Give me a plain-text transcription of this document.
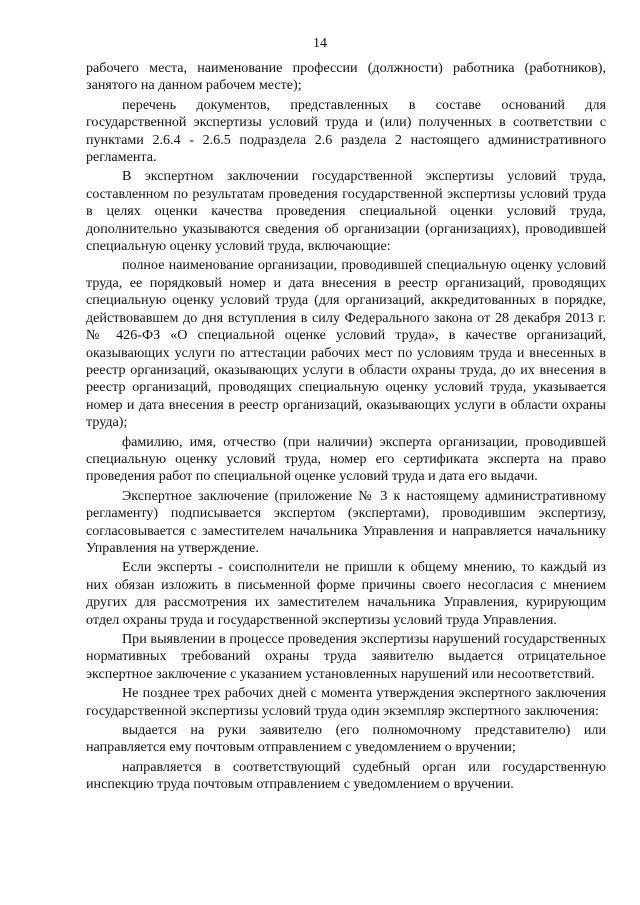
14

рабочего места, наименование профессии (должности) работника (работников), занятого на данном рабочем месте);

перечень документов, представленных в составе оснований для государственной экспертизы условий труда и (или) полученных в соответствии с пунктами 2.6.4 - 2.6.5 подраздела 2.6 раздела 2 настоящего административного регламента.

В экспертном заключении государственной экспертизы условий труда, составленном по результатам проведения государственной экспертизы условий труда в целях оценки качества проведения специальной оценки условий труда, дополнительно указываются сведения об организации (организациях), проводившей специальную оценку условий труда, включающие:

полное наименование организации, проводившей специальную оценку условий труда, ее порядковый номер и дата внесения в реестр организаций, проводящих специальную оценку условий труда (для организаций, аккредитованных в порядке, действовавшем до дня вступления в силу Федерального закона от 28 декабря 2013 г. № 426-ФЗ «О специальной оценке условий труда», в качестве организаций, оказывающих услуги по аттестации рабочих мест по условиям труда и внесенных в реестр организаций, оказывающих услуги в области охраны труда, до их внесения в реестр организаций, проводящих специальную оценку условий труда, указывается номер и дата внесения в реестр организаций, оказывающих услуги в области охраны труда);

фамилию, имя, отчество (при наличии) эксперта организации, проводившей специальную оценку условий труда, номер его сертификата эксперта на право проведения работ по специальной оценке условий труда и дата его выдачи.

Экспертное заключение (приложение № 3 к настоящему административному регламенту) подписывается экспертом (экспертами), проводившим экспертизу, согласовывается с заместителем начальника Управления и направляется начальнику Управления на утверждение.

Если эксперты - соисполнители не пришли к общему мнению, то каждый из них обязан изложить в письменной форме причины своего несогласия с мнением других для рассмотрения их заместителем начальника Управления, курирующим отдел охраны труда и государственной экспертизы условий труда Управления.

При выявлении в процессе проведения экспертизы нарушений государственных нормативных требований охраны труда заявителю выдается отрицательное экспертное заключение с указанием установленных нарушений или несоответствий.

Не позднее трех рабочих дней с момента утверждения экспертного заключения государственной экспертизы условий труда один экземпляр экспертного заключения:

выдается на руки заявителю (его полномочному представителю) или направляется ему почтовым отправлением с уведомлением о вручении;

направляется в соответствующий судебный орган или государственную инспекцию труда почтовым отправлением с уведомлением о вручении.
